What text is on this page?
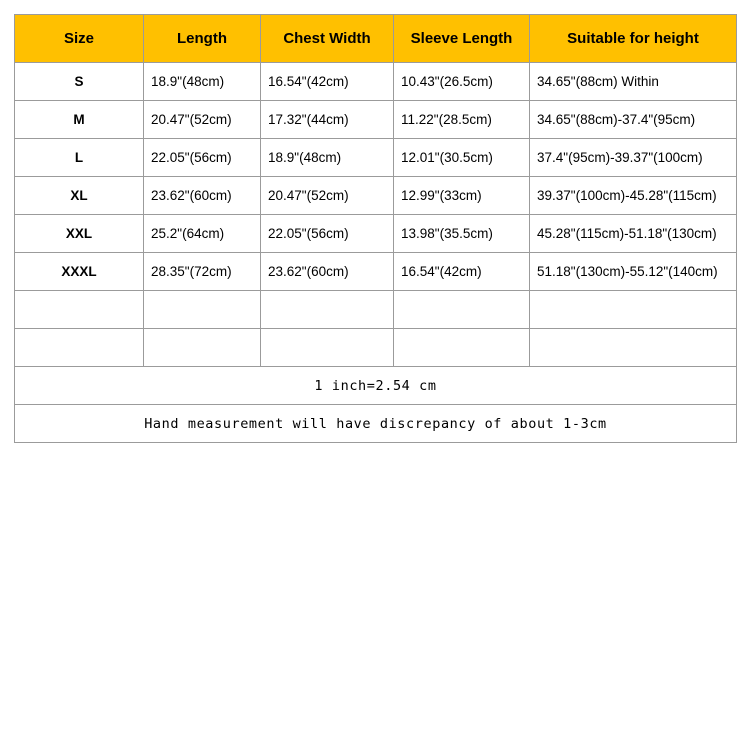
Size	Length	Chest Width	Sleeve Length	Suitable for height
S	18.9"(48cm)	16.54"(42cm)	10.43"(26.5cm)	34.65"(88cm) Within
M	20.47"(52cm)	17.32"(44cm)	11.22"(28.5cm)	34.65"(88cm)-37.4"(95cm)
L	22.05"(56cm)	18.9"(48cm)	12.01"(30.5cm)	37.4"(95cm)-39.37"(100cm)
XL	23.62"(60cm)	20.47"(52cm)	12.99"(33cm)	39.37"(100cm)-45.28"(115cm)
XXL	25.2"(64cm)	22.05"(56cm)	13.98"(35.5cm)	45.28"(115cm)-51.18"(130cm)
XXXL	28.35"(72cm)	23.62"(60cm)	16.54"(42cm)	51.18"(130cm)-55.12"(140cm)

1 inch=2.54 cm				
Hand measurement will have discrepancy of about 1-3cm				
